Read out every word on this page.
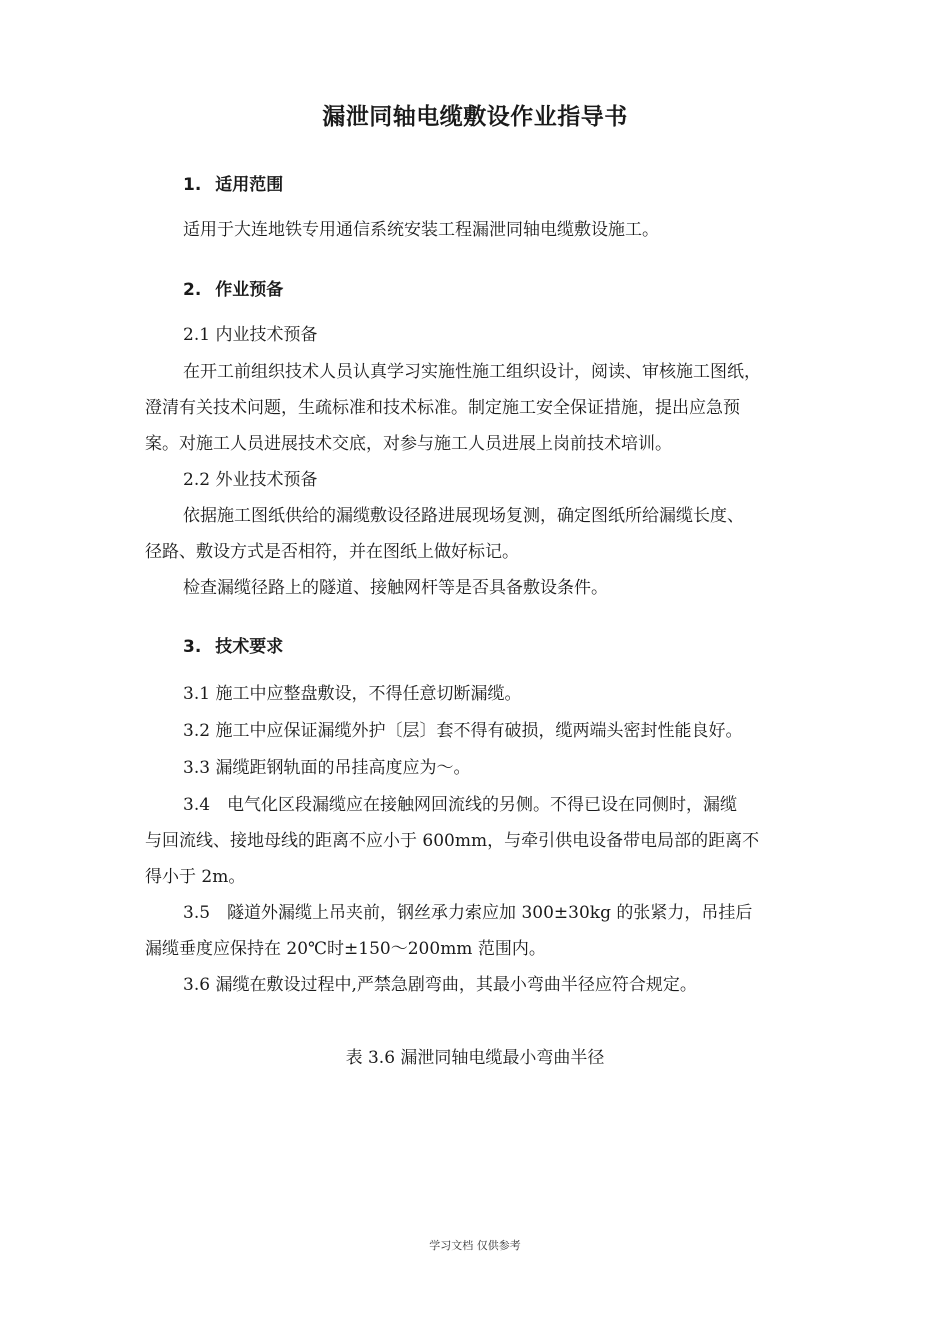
漏泄同轴电缆敷设作业指导书
1. 适用范围
适用于大连地铁专用通信系统安装工程漏泄同轴电缆敷设施工。
2. 作业预备
2.1 内业技术预备
在开工前组织技术人员认真学习实施性施工组织设计，阅读、审核施工图纸，
澄清有关技术问题，生疏标准和技术标准。制定施工安全保证措施，提出应急预
案。对施工人员进展技术交底，对参与施工人员进展上岗前技术培训。
2.2 外业技术预备
依据施工图纸供给的漏缆敷设径路进展现场复测，确定图纸所给漏缆长度、
径路、敷设方式是否相符，并在图纸上做好标记。
检查漏缆径路上的隧道、接触网杆等是否具备敷设条件。
3. 技术要求
3.1 施工中应整盘敷设，不得任意切断漏缆。
3.2 施工中应保证漏缆外护〔层〕套不得有破损，缆两端头密封性能良好。
3.3 漏缆距钢轨面的吊挂高度应为～。
3.4　电气化区段漏缆应在接触网回流线的另侧。不得已设在同侧时，漏缆
与回流线、接地母线的距离不应小于 600mm，与牵引供电设备带电局部的距离不
得小于 2m。
3.5　隧道外漏缆上吊夹前，钢丝承力索应加 300±30kg 的张紧力，吊挂后
漏缆垂度应保持在 20℃时±150～200mm 范围内。
3.6 漏缆在敷设过程中,严禁急剧弯曲，其最小弯曲半径应符合规定。
表 3.6 漏泄同轴电缆最小弯曲半径
学习文档 仅供参考
